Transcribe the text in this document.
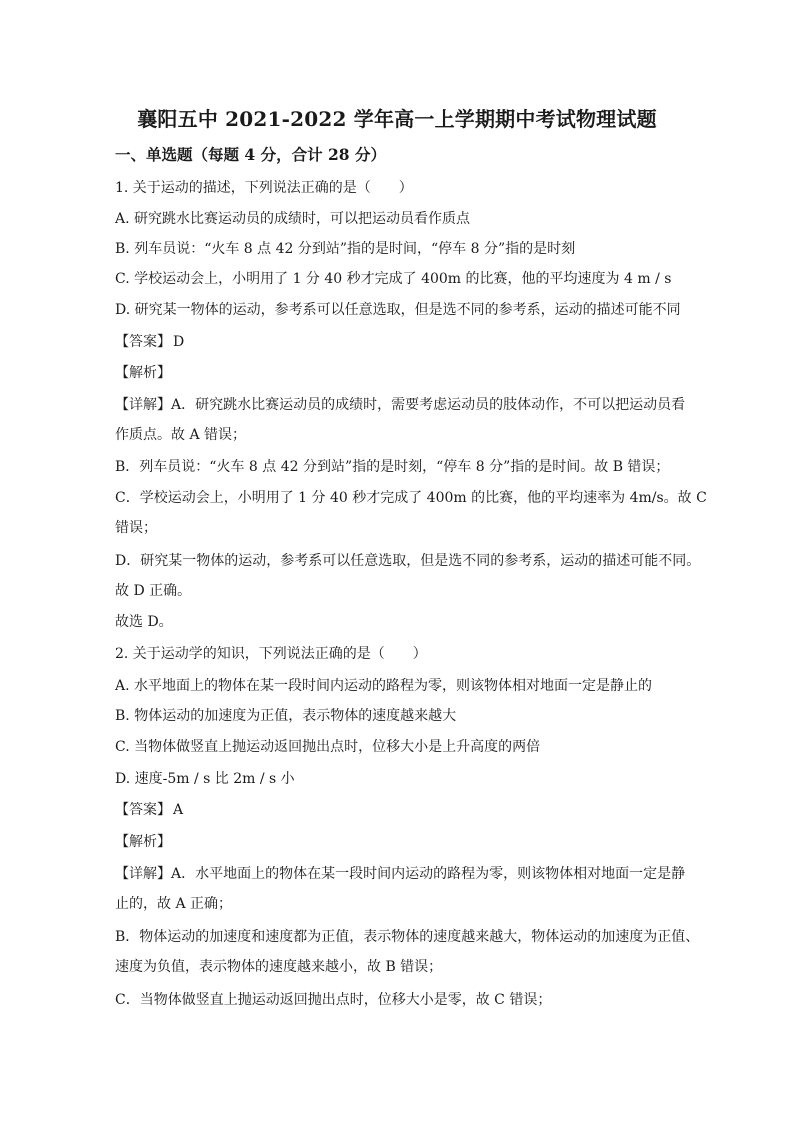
襄阳五中 2021-2022 学年高一上学期期中考试物理试题
一、单选题（每题 4 分，合计 28 分）
1. 关于运动的描述，下列说法正确的是（　　）
A. 研究跳水比赛运动员的成绩时，可以把运动员看作质点
B. 列车员说：“火车 8 点 42 分到站”指的是时间，“停车 8 分”指的是时刻
C. 学校运动会上，小明用了 1 分 40 秒才完成了 400m 的比赛，他的平均速度为 4 m / s
D. 研究某一物体的运动，参考系可以任意选取，但是选不同的参考系，运动的描述可能不同
【答案】 D
【解析】
【详解】A．研究跳水比赛运动员的成绩时，需要考虑运动员的肢体动作，不可以把运动员看
作质点。故 A 错误；
B．列车员说：“火车 8 点 42 分到站”指的是时刻，“停车 8 分”指的是时间。故 B 错误；
C．学校运动会上，小明用了 1 分 40 秒才完成了 400m 的比赛，他的平均速率为 4m/s。故 C
错误；
D．研究某一物体的运动，参考系可以任意选取，但是选不同的参考系，运动的描述可能不同。
故 D 正确。
故选 D。
2. 关于运动学的知识，下列说法正确的是（　　）
A. 水平地面上的物体在某一段时间内运动的路程为零，则该物体相对地面一定是静止的
B. 物体运动的加速度为正值，表示物体的速度越来越大
C. 当物体做竖直上抛运动返回抛出点时，位移大小是上升高度的两倍
D. 速度-5m / s 比 2m / s 小
【答案】 A
【解析】
【详解】A．水平地面上的物体在某一段时间内运动的路程为零，则该物体相对地面一定是静
止的，故 A 正确；
B．物体运动的加速度和速度都为正值，表示物体的速度越来越大，物体运动的加速度为正值、
速度为负值，表示物体的速度越来越小，故 B 错误；
C．当物体做竖直上抛运动返回抛出点时，位移大小是零，故 C 错误；
